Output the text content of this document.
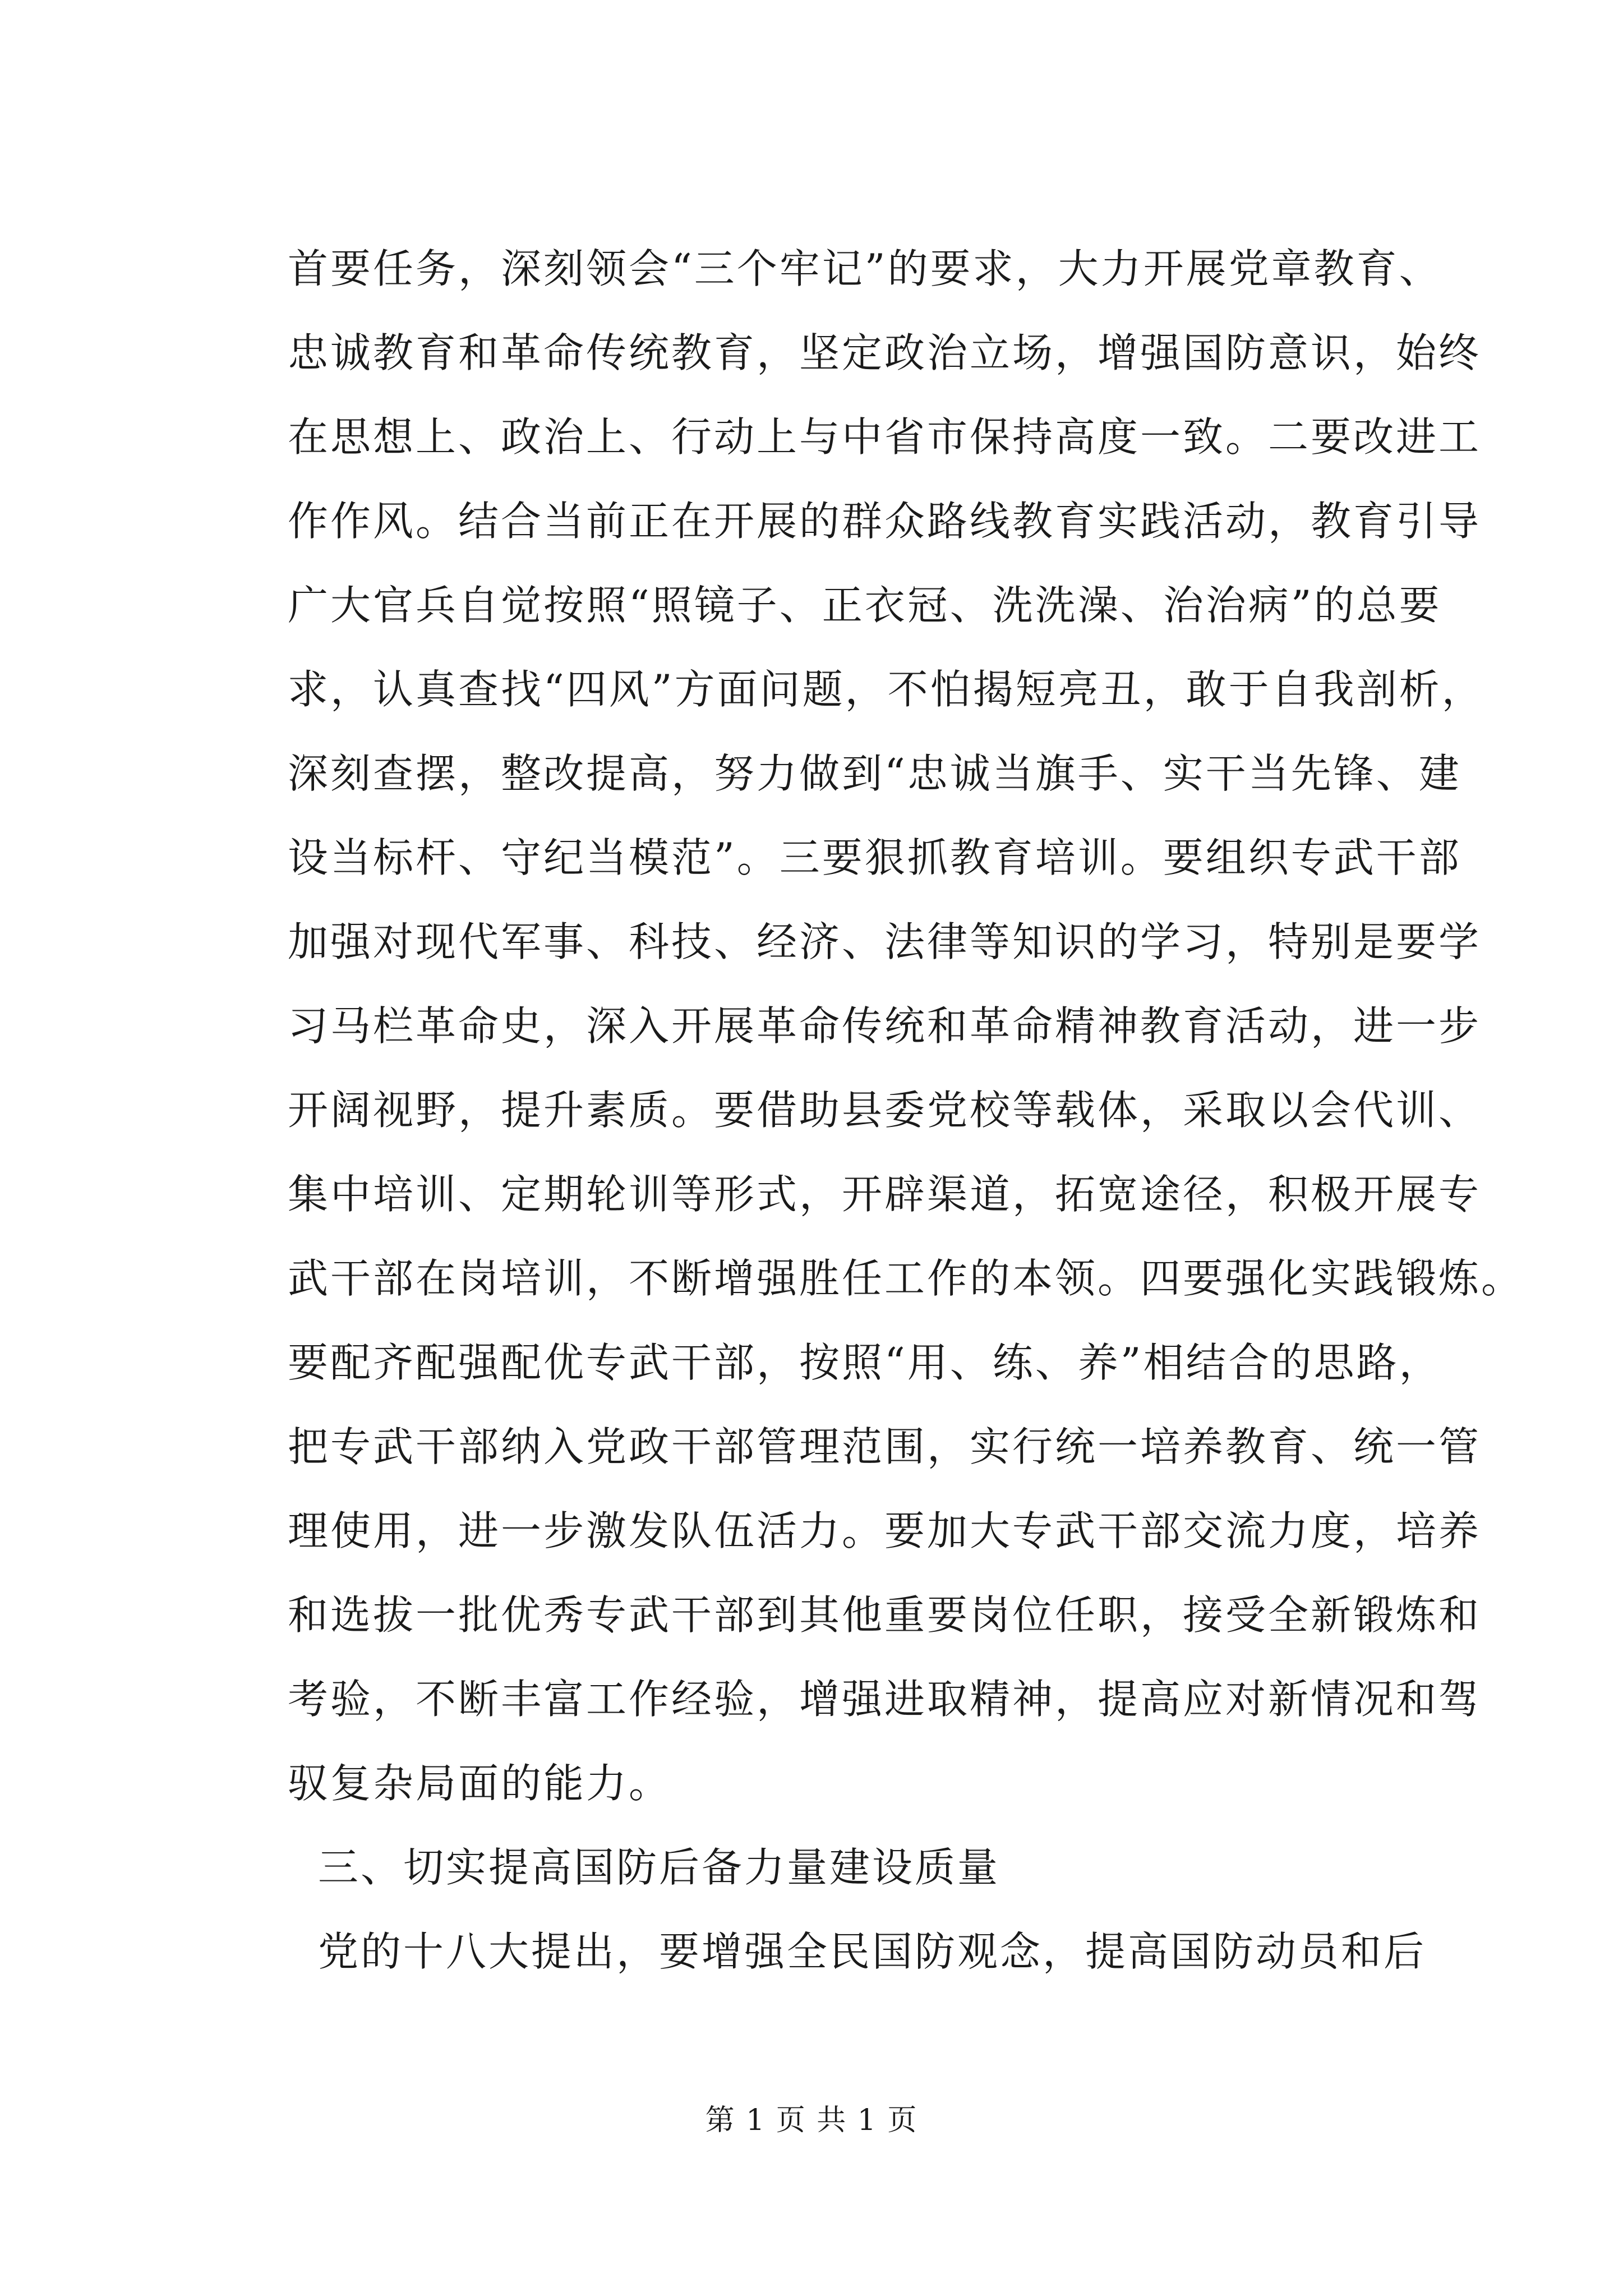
首要任务，深刻领会“三个牢记”的要求，大力开展党章教育、
忠诚教育和革命传统教育，坚定政治立场，增强国防意识，始终
在思想上、政治上、行动上与中省市保持高度一致。二要改进工
作作风。结合当前正在开展的群众路线教育实践活动，教育引导
广大官兵自觉按照“照镜子、正衣冠、洗洗澡、治治病”的总要
求，认真查找“四风”方面问题，不怕揭短亮丑，敢于自我剖析，
深刻查摆，整改提高，努力做到“忠诚当旗手、实干当先锋、建
设当标杆、守纪当模范”。三要狠抓教育培训。要组织专武干部
加强对现代军事、科技、经济、法律等知识的学习，特别是要学
习马栏革命史，深入开展革命传统和革命精神教育活动，进一步
开阔视野，提升素质。要借助县委党校等载体，采取以会代训、
集中培训、定期轮训等形式，开辟渠道，拓宽途径，积极开展专
武干部在岗培训，不断增强胜任工作的本领。四要强化实践锻炼。
要配齐配强配优专武干部，按照“用、练、养”相结合的思路，
把专武干部纳入党政干部管理范围，实行统一培养教育、统一管
理使用，进一步激发队伍活力。要加大专武干部交流力度，培养
和选拔一批优秀专武干部到其他重要岗位任职，接受全新锻炼和
考验，不断丰富工作经验，增强进取精神，提高应对新情况和驾
驭复杂局面的能力。
三、切实提高国防后备力量建设质量
党的十八大提出，要增强全民国防观念，提高国防动员和后
第 1 页 共 1 页
